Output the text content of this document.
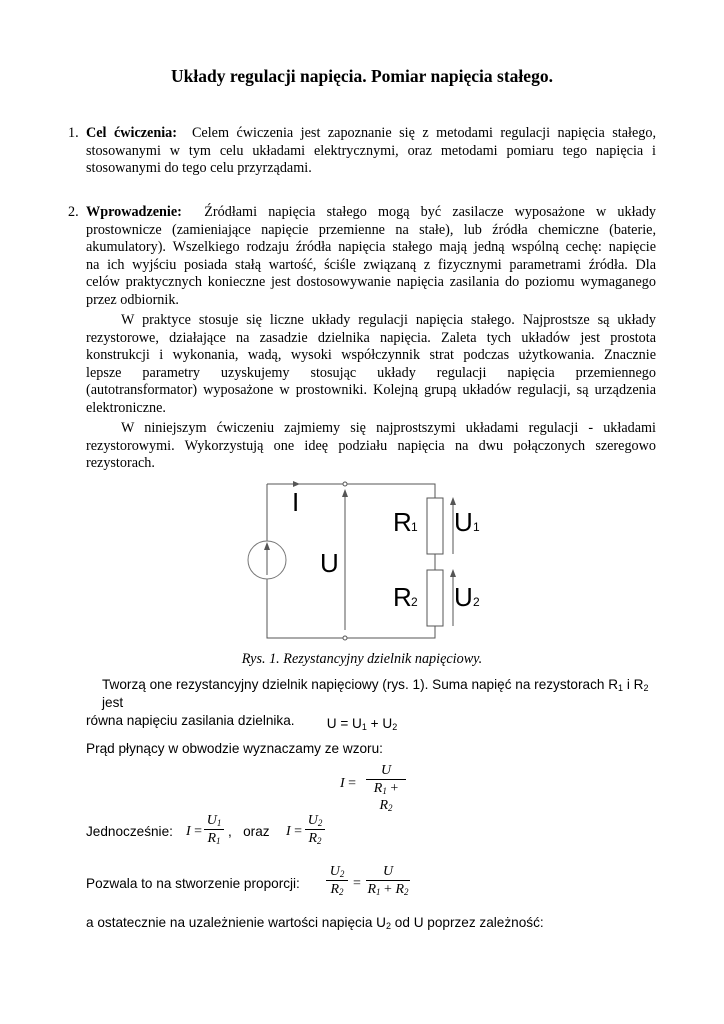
Układy regulacji napięcia. Pomiar napięcia stałego.
1. Cel ćwiczenia: Celem ćwiczenia jest zapoznanie się z metodami regulacji napięcia stałego,
stosowanymi w tym celu układami elektrycznymi, oraz metodami pomiaru tego napięcia i
stosowanymi do tego celu przyrządami.
2. Wprowadzenie: Źródłami napięcia stałego mogą być zasilacze wyposażone w układy
prostownicze (zamieniające napięcie przemienne na stałe), lub źródła chemiczne (baterie,
akumulatory). Wszelkiego rodzaju źródła napięcia stałego mają jedną wspólną cechę: napięcie
na ich wyjściu posiada stałą wartość, ściśle związaną z fizycznymi parametrami źródła. Dla
celów praktycznych konieczne jest dostosowywanie napięcia zasilania do poziomu wymaganego
przez odbiornik.
W praktyce stosuje się liczne układy regulacji napięcia stałego. Najprostsze są układy
rezystorowe, działające na zasadzie dzielnika napięcia. Zaleta tych układów jest prostota
konstrukcji i wykonania, wadą, wysoki współczynnik strat podczas użytkowania. Znacznie
lepsze parametry uzyskujemy stosując układy regulacji napięcia przemiennego
(autotransformator) wyposażone w prostowniki. Kolejną grupą układów regulacji, są urządzenia
elektroniczne.
W niniejszym ćwiczeniu zajmiemy się najprostszymi układami regulacji - układami
rezystorowymi. Wykorzystują one ideę podziału napięcia na dwu połączonych szeregowo
rezystorach.
I
U
R 1 U 1
R 2 U 2
Rys. 1. Rezystancyjny dzielnik napięciowy.
Tworzą one rezystancyjny dzielnik napięciowy (rys. 1). Suma napięć na rezystorach $R_1$ i $R_2$ jest
równa napięciu zasilania dzielnika.	$U = U_1 + U_2$
Prąd płynący w obwodzie wyznaczamy ze wzoru:
I =
U
$R_1 + R_2$
Jednocześnie: I =
$U_1$
$R_1$
,   oraz I =
$U_2$
$R_2$
Pozwala to na stworzenie proporcji:
$U_2$
$R_2$
=
U
$R_1 + R_2$
a ostatecznie na uzależnienie wartości napięcia $U_2$ od U poprzez zależność:
